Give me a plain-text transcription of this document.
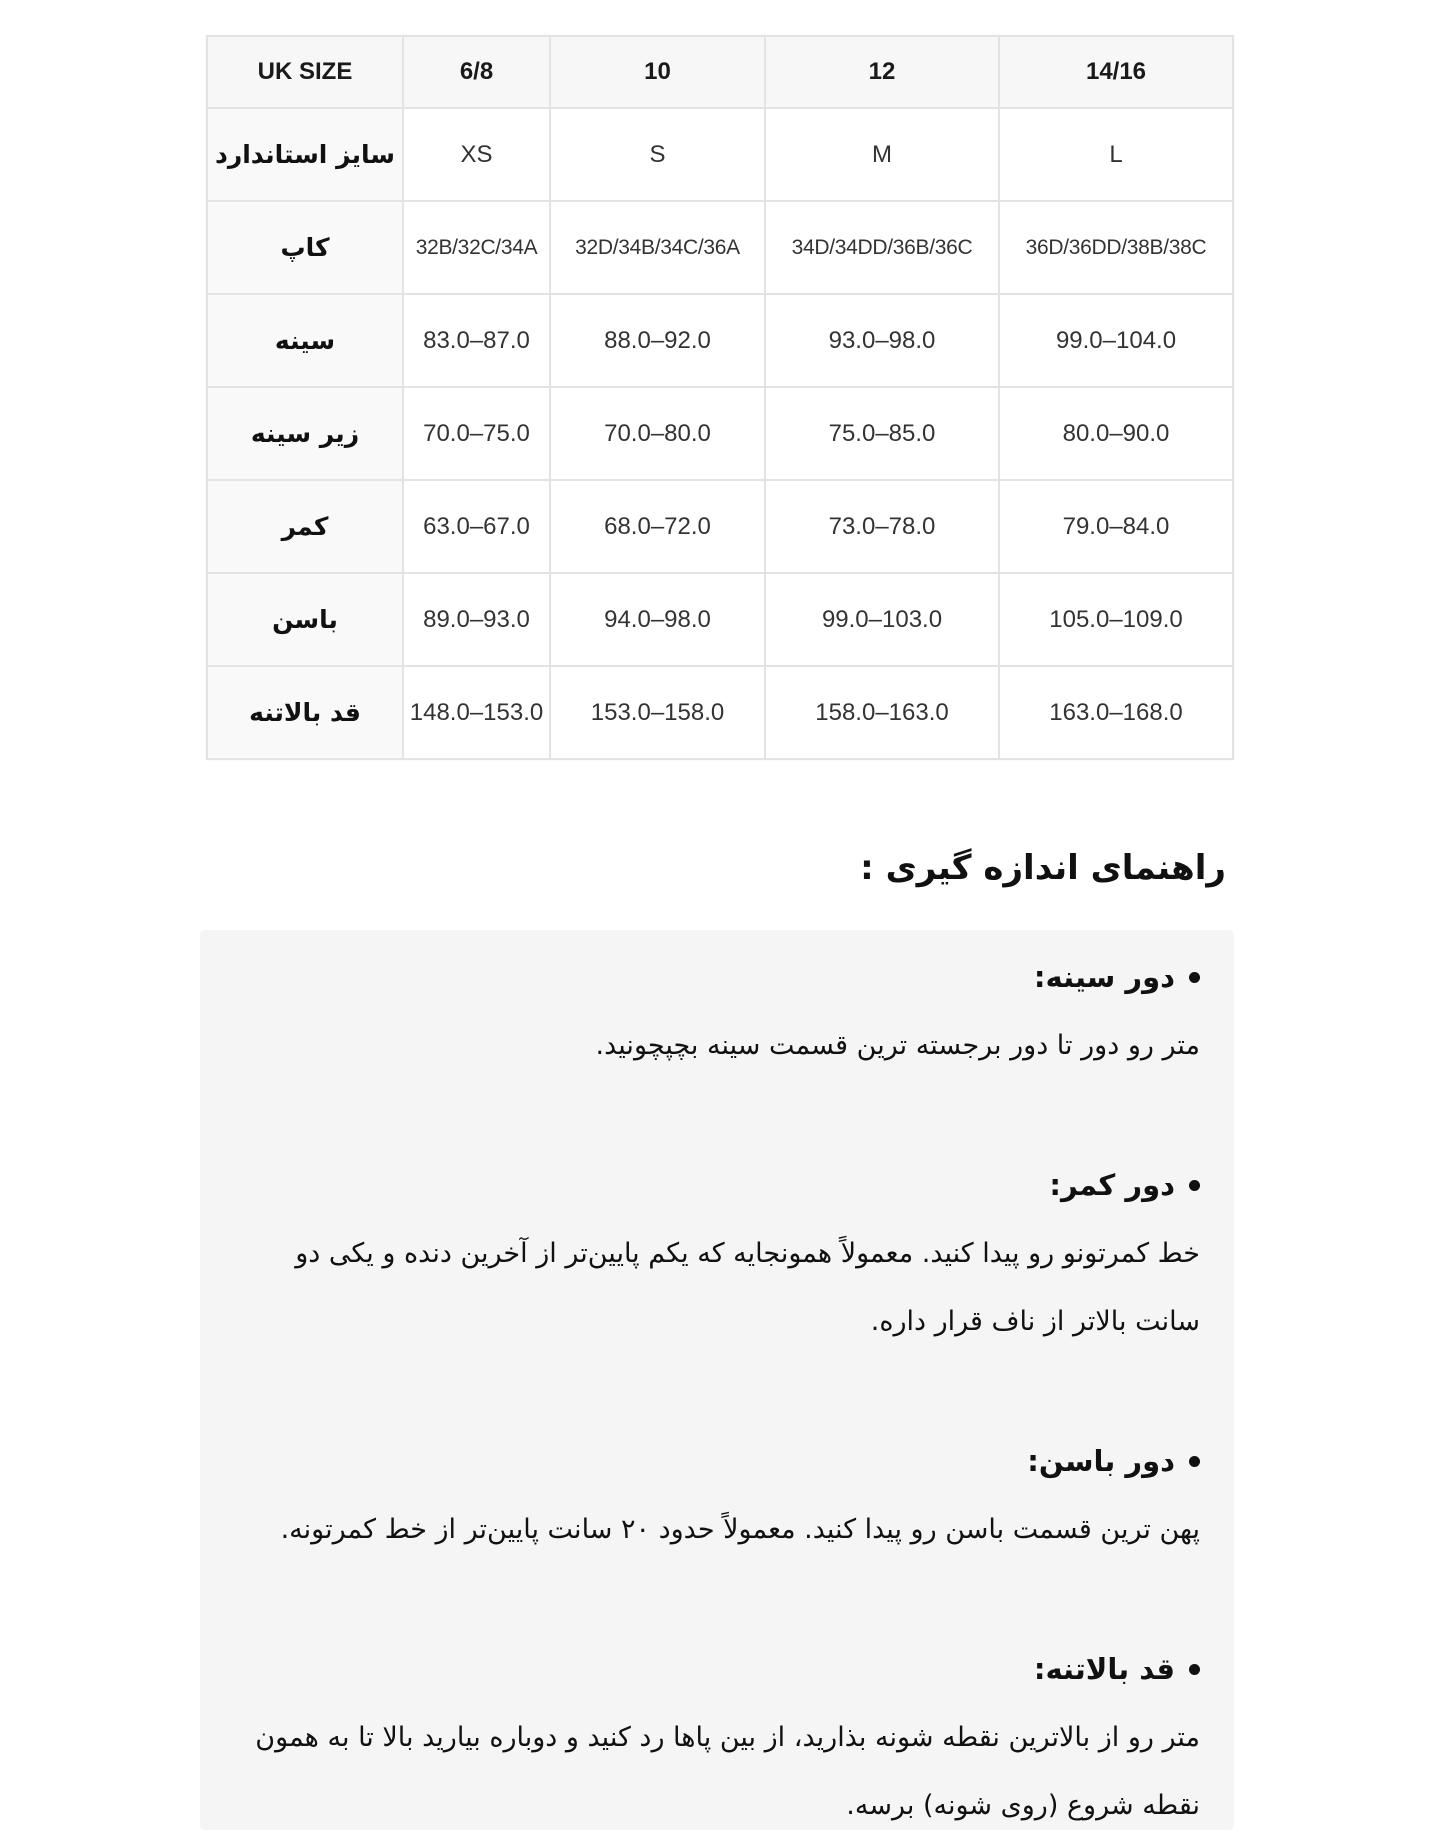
UK SIZE	6/8	10	12	14/16
سایز استاندارد	XS	S	M	L
کاپ	32B/32C/34A	32D/34B/34C/36A	34D/34DD/36B/36C	36D/36DD/38B/38C
سینه	83.0–87.0	88.0–92.0	93.0–98.0	99.0–104.0
زیر سینه	70.0–75.0	70.0–80.0	75.0–85.0	80.0–90.0
کمر	63.0–67.0	68.0–72.0	73.0–78.0	79.0–84.0
باسن	89.0–93.0	94.0–98.0	99.0–103.0	105.0–109.0
قد بالاتنه	148.0–153.0	153.0–158.0	158.0–163.0	163.0–168.0
راهنمای اندازه گیری :
دور سینه:

متر رو دور تا دور برجسته ترین قسمت سینه بچپچونید.

دور کمر:

خط کمرتونو رو پیدا کنید. معمولاً همونجایه که یکم پایین‌تر از آخرین دنده و یکی دو سانت بالاتر از ناف قرار داره.

دور باسن:

پهن ترین قسمت باسن رو پیدا کنید. معمولاً حدود ۲۰ سانت پایین‌تر از خط کمرتونه.

قد بالاتنه:

متر رو از بالاترین نقطه شونه بذارید، از بین پاها رد کنید و دوباره بیارید بالا تا به همون نقطه شروع (روی شونه) برسه.
